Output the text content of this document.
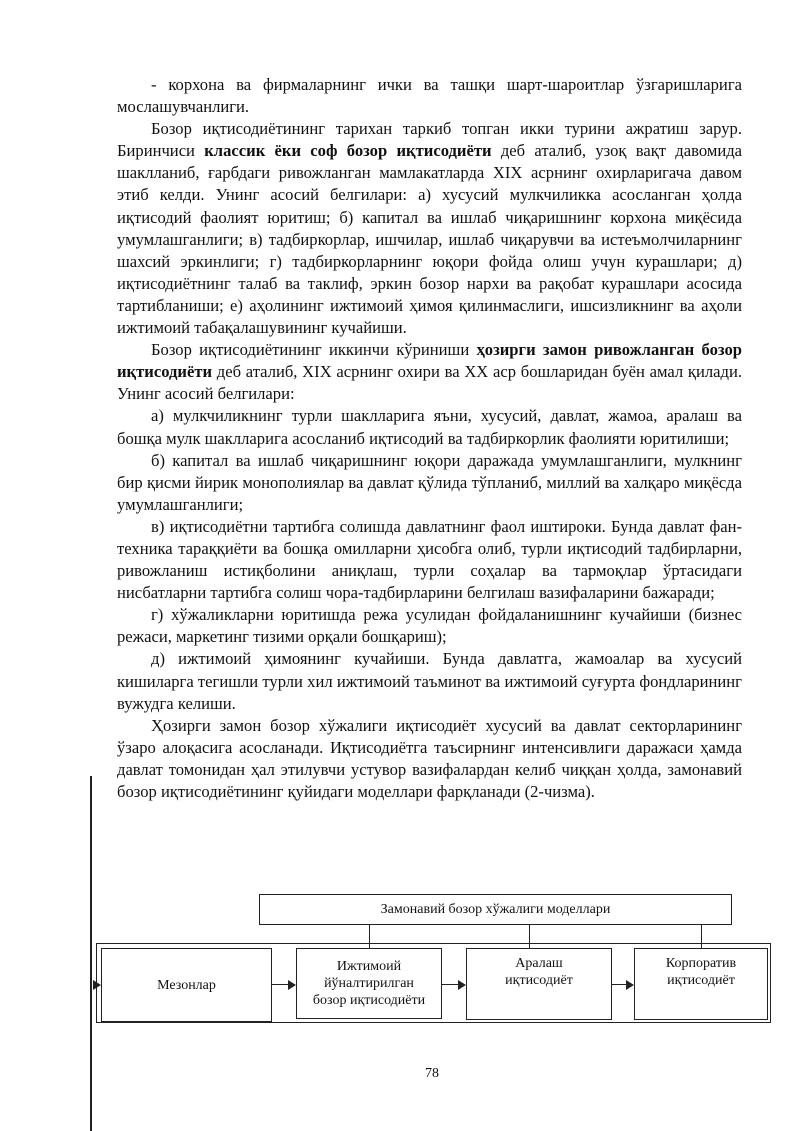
- корхона ва фирмаларнинг ички ва ташқи шарт-шароитлар ўзгаришларига мослашувчанлиги.

Бозор иқтисодиётининг тарихан таркиб топган икки турини ажратиш зарур. Биринчиси классик ёки соф бозор иқтисодиёти деб аталиб, узоқ вақт давомида шаклланиб, ғарбдаги ривожланган мамлакатларда XIX асрнинг охирларигача давом этиб келди. Унинг асосий белгилари: а) хусусий мулкчиликка асосланган ҳолда иқтисодий фаолият юритиш; б) капитал ва ишлаб чиқаришнинг корхона миқёсида умумлашганлиги; в) тадбиркорлар, ишчилар, ишлаб чиқарувчи ва истеъмолчиларнинг шахсий эркинлиги; г) тадбиркорларнинг юқори фойда олиш учун курашлари; д) иқтисодиётнинг талаб ва таклиф, эркин бозор нархи ва рақобат курашлари асосида тартибланиши; е) аҳолининг ижтимоий ҳимоя қилинмаслиги, ишсизликнинг ва аҳоли ижтимоий табақалашувининг кучайиши.

Бозор иқтисодиётининг иккинчи кўриниши ҳозирги замон ривожланган бозор иқтисодиёти деб аталиб, XIX асрнинг охири ва XX аср бошларидан буён амал қилади. Унинг асосий белгилари:

а) мулкчиликнинг турли шаклларига яъни, хусусий, давлат, жамоа, аралаш ва бошқа мулк шаклларига асосланиб иқтисодий ва тадбиркорлик фаолияти юритилиши;

б) капитал ва ишлаб чиқаришнинг юқори даражада умумлашганлиги, мулкнинг бир қисми йирик монополиялар ва давлат қўлида тўпланиб, миллий ва халқаро миқёсда умумлашганлиги;

в) иқтисодиётни тартибга солишда давлатнинг фаол иштироки. Бунда давлат фан-техника тараққиёти ва бошқа омилларни ҳисобга олиб, турли иқтисодий тадбирларни, ривожланиш истиқболини аниқлаш, турли соҳалар ва тармоқлар ўртасидаги нисбатларни тартибга солиш чора-тадбирларини белгилаш вазифаларини бажаради;

г) хўжаликларни юритишда режа усулидан фойдаланишнинг кучайиши (бизнес режаси, маркетинг тизими орқали бошқариш);

д) ижтимоий ҳимоянинг кучайиши. Бунда давлатга, жамоалар ва хусусий кишиларга тегишли турли хил ижтимоий таъминот ва ижтимоий суғурта фондларининг вужудга келиши.

Ҳозирги замон бозор хўжалиги иқтисодиёт хусусий ва давлат секторларининг ўзаро алоқасига асосланади. Иқтисодиётга таъсирнинг интенсивлиги даражаси ҳамда давлат томонидан ҳал этилувчи устувор вазифалардан келиб чиққан ҳолда, замонавий бозор иқтисодиётининг қуйидаги моделлари фарқланади (2-чизма).

Замонавий бозор хўжалиги моделлари
Мезонлар
Ижтимоий
йўналтирилган
бозор иқтисодиёти
Аралаш
иқтисодиёт
Корпоратив
иқтисодиёт
78
